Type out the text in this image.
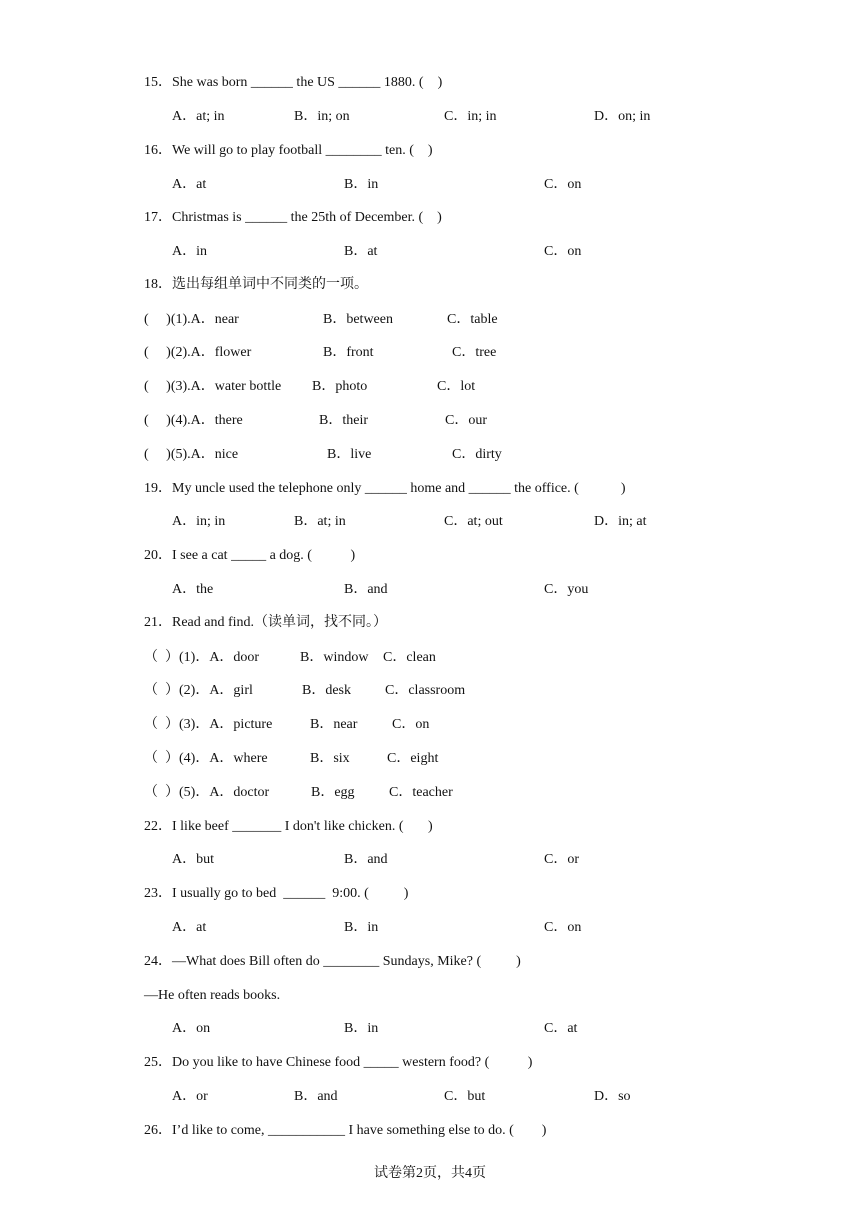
15．She was born ______ the US ______ 1880. (    )
A．at; in	B．in; on	C．in; in	D．on; in
16．We will go to play football ________ ten. (    )
A．at	B．in	C．on
17．Christmas is ______ the 25th of December. (    )
A．in	B．at	C．on
18．选出每组单词中不同类的一项。
(     )(1).A．near	B．between	C．table
(     )(2).A．flower	B．front	C．tree
(     )(3).A．water bottle B．photo	C．lot
(     )(4).A．there	B．their	C．our
(     )(5).A．nice	B．live	C．dirty
19．My uncle used the telephone only ______ home and ______ the office. (            )
A．in; in	B．at; in	C．at; out	D．in; at
20．I see a cat _____ a dog. (           )
A．the	B．and	C．you
21．Read and find.（读单词，找不同。）
（  ）(1)．A．door	B．window C．clean
（  ）(2)．A．girl	B．desk C．classroom
（  ）(3)．A．picture	B．near C．on
（  ）(4)．A．where	B．six	C．eight
（  ）(5)．A．doctor	B．egg C．teacher
22．I like beef _______ I don't like chicken. (       )
A．but	B．and	C．or
23．I usually go to bed  ______  9:00. (          )
A．at	B．in	C．on
24．—What does Bill often do ________ Sundays, Mike? (          )
—He often reads books.
A．on	B．in	C．at
25．Do you like to have Chinese food _____ western food? (           )
A．or	B．and	C．but	D．so
26．I’d like to come, ___________ I have something else to do. (        )
试卷第2页，共4页
